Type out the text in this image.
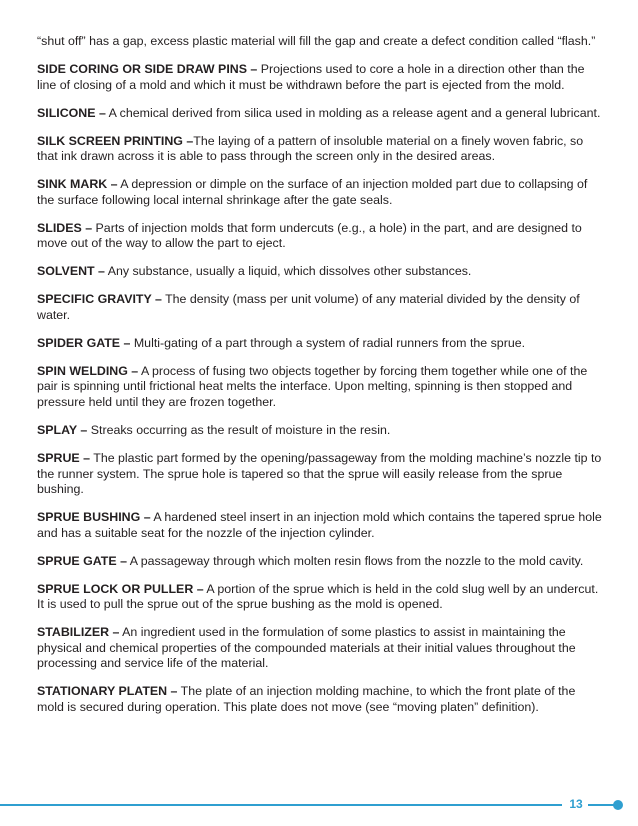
“shut off” has a gap, excess plastic material will fill the gap and create a defect condition called “flash.”

SIDE CORING OR SIDE DRAW PINS – Projections used to core a hole in a direction other than the line of closing of a mold and which it must be withdrawn before the part is ejected from the mold.

SILICONE – A chemical derived from silica used in molding as a release agent and a general lubricant.

SILK SCREEN PRINTING –The laying of a pattern of insoluble material on a finely woven fabric, so that ink drawn across it is able to pass through the screen only in the desired areas.

SINK MARK – A depression or dimple on the surface of an injection molded part due to collapsing of the surface following local internal shrinkage after the gate seals.

SLIDES – Parts of injection molds that form undercuts (e.g., a hole) in the part, and are designed to move out of the way to allow the part to eject.

SOLVENT – Any substance, usually a liquid, which dissolves other substances.

SPECIFIC GRAVITY – The density (mass per unit volume) of any material divided by the density of water.

SPIDER GATE – Multi-gating of a part through a system of radial runners from the sprue.

SPIN WELDING – A process of fusing two objects together by forcing them together while one of the pair is spinning until frictional heat melts the interface. Upon melting, spinning is then stopped and pressure held until they are frozen together.

SPLAY – Streaks occurring as the result of moisture in the resin.

SPRUE – The plastic part formed by the opening/passageway from the molding machine’s nozzle tip to the runner system. The sprue hole is tapered so that the sprue will easily release from the sprue bushing.

SPRUE BUSHING – A hardened steel insert in an injection mold which contains the tapered sprue hole and has a suitable seat for the nozzle of the injection cylinder.

SPRUE GATE – A passageway through which molten resin flows from the nozzle to the mold cavity.

SPRUE LOCK OR PULLER – A portion of the sprue which is held in the cold slug well by an undercut. It is used to pull the sprue out of the sprue bushing as the mold is opened.

STABILIZER – An ingredient used in the formulation of some plastics to assist in maintaining the physical and chemical properties of the compounded materials at their initial values throughout the processing and service life of the material.

STATIONARY PLATEN – The plate of an injection molding machine, to which the front plate of the mold is secured during operation. This plate does not move (see “moving platen” definition).

13
